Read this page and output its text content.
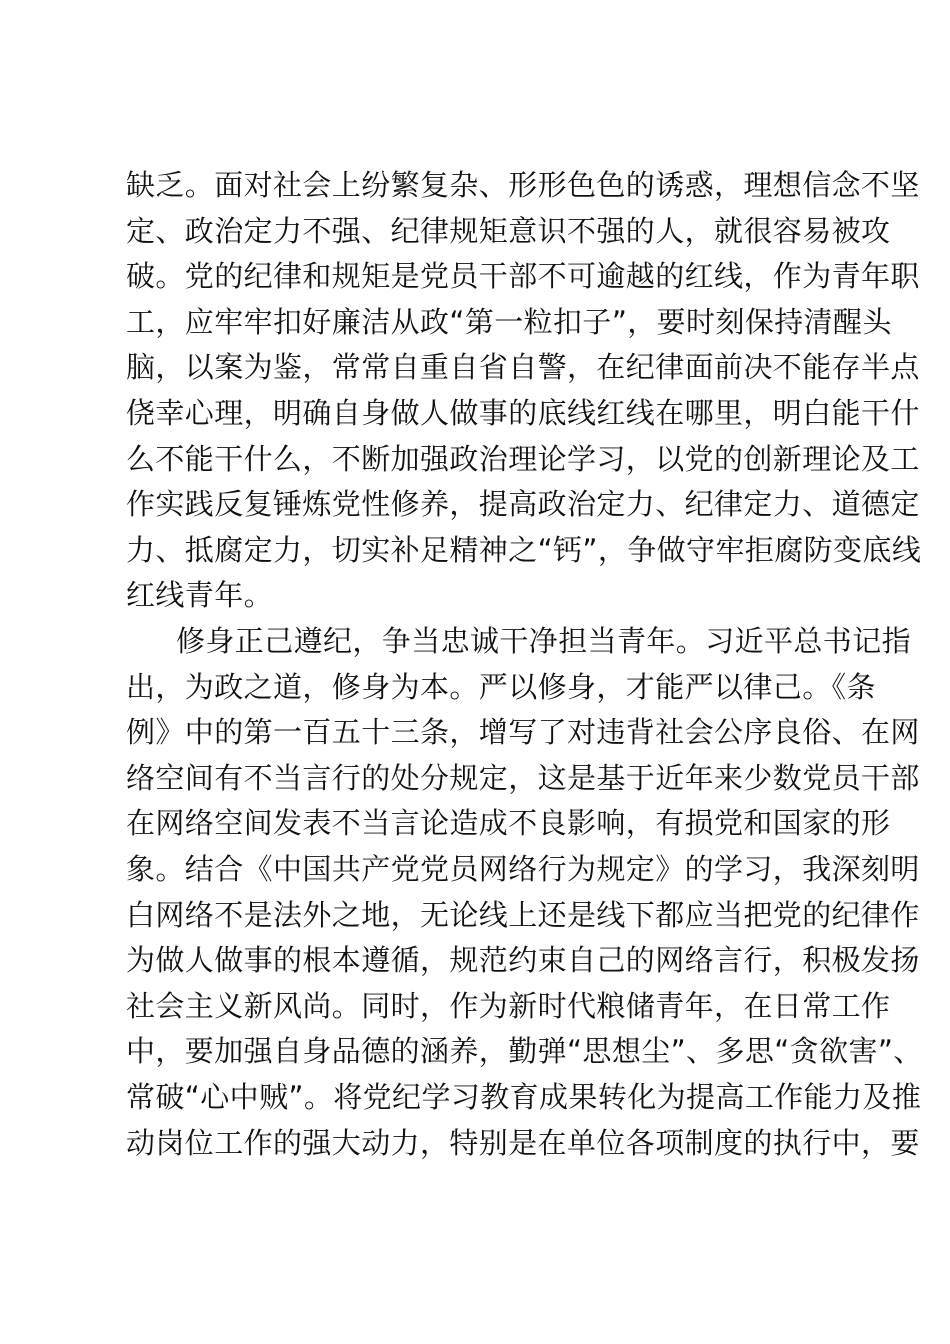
缺乏。面对社会上纷繁复杂、形形色色的诱惑，理想信念不坚
定、政治定力不强、纪律规矩意识不强的人，就很容易被攻
破。党的纪律和规矩是党员干部不可逾越的红线，作为青年职
工，应牢牢扣好廉洁从政“第一粒扣子”，要时刻保持清醒头
脑，以案为鉴，常常自重自省自警，在纪律面前决不能存半点
侥幸心理，明确自身做人做事的底线红线在哪里，明白能干什
么不能干什么，不断加强政治理论学习，以党的创新理论及工
作实践反复锤炼党性修养，提高政治定力、纪律定力、道德定
力、抵腐定力，切实补足精神之“钙”，争做守牢拒腐防变底线
红线青年。
修身正己遵纪，争当忠诚干净担当青年。习近平总书记指
出，为政之道，修身为本。严以修身，才能严以律己。《条
例》中的第一百五十三条，增写了对违背社会公序良俗、在网
络空间有不当言行的处分规定，这是基于近年来少数党员干部
在网络空间发表不当言论造成不良影响，有损党和国家的形
象。结合《中国共产党党员网络行为规定》的学习，我深刻明
白网络不是法外之地，无论线上还是线下都应当把党的纪律作
为做人做事的根本遵循，规范约束自己的网络言行，积极发扬
社会主义新风尚。同时，作为新时代粮储青年，在日常工作
中，要加强自身品德的涵养，勤弹“思想尘”、多思“贪欲害”、
常破“心中贼”。将党纪学习教育成果转化为提高工作能力及推
动岗位工作的强大动力，特别是在单位各项制度的执行中，要
